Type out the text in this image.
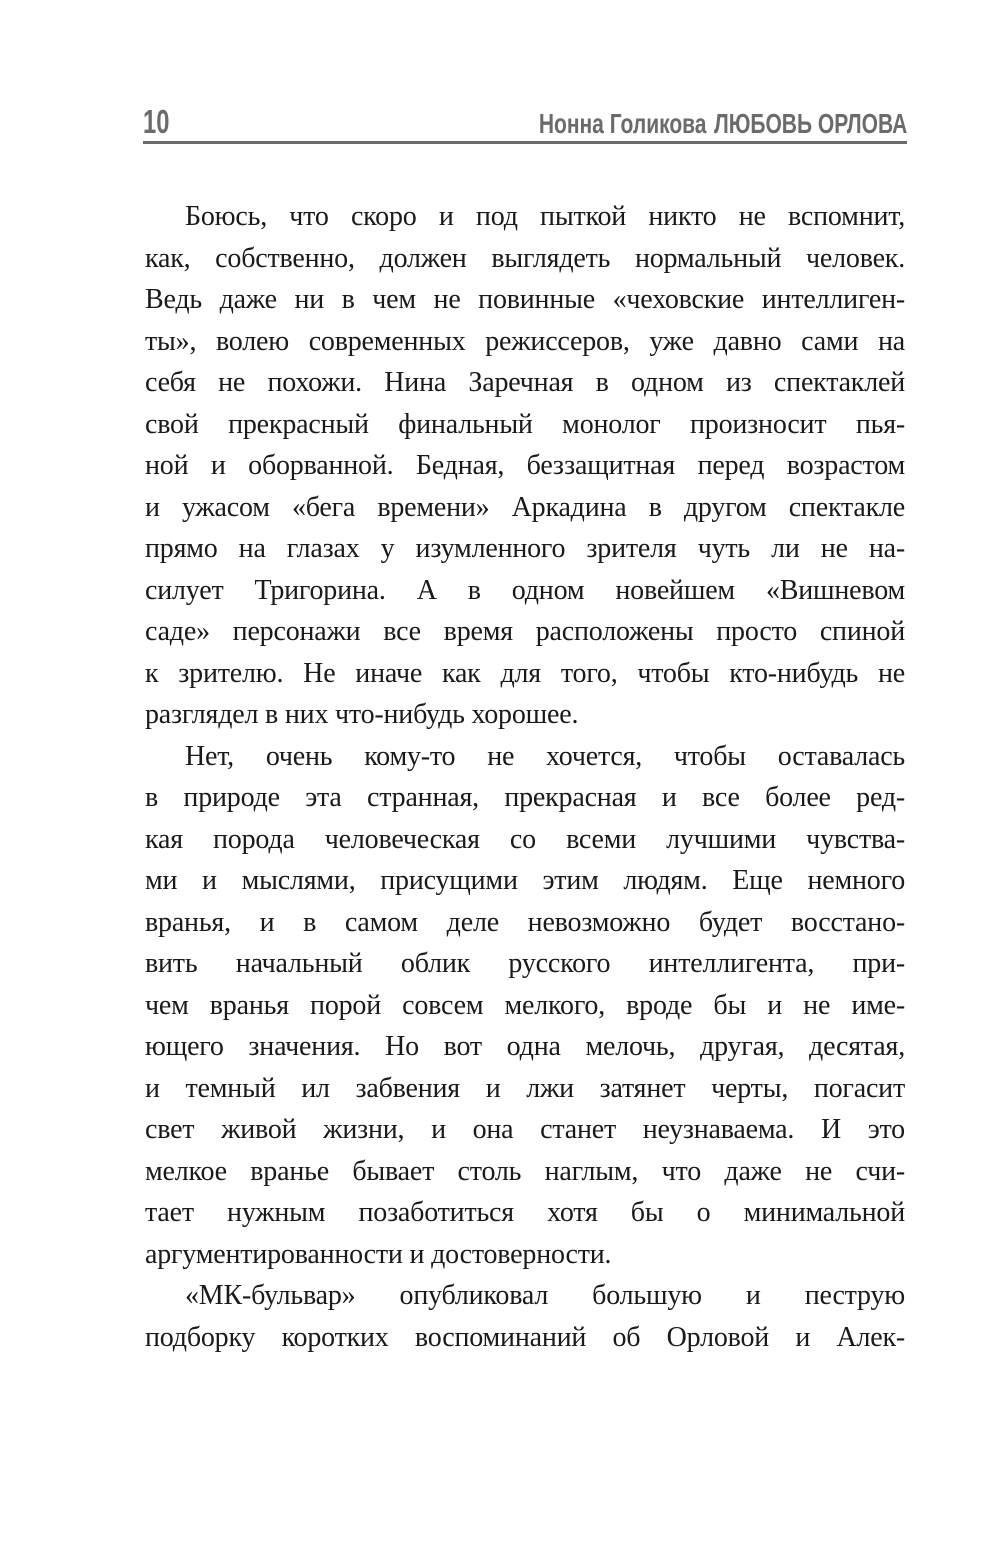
10	Нонна Голикова ЛЮБОВЬ ОРЛОВА
Боюсь, что скоро и под пыткой никто не вспомнит,
как, собственно, должен выглядеть нормальный человек.
Ведь даже ни в чем не повинные «чеховские интеллиген-
ты», волею современных режиссеров, уже давно сами на
себя не похожи. Нина Заречная в одном из спектаклей
свой прекрасный финальный монолог произносит пья-
ной и оборванной. Бедная, беззащитная перед возрастом
и ужасом «бега времени» Аркадина в другом спектакле
прямо на глазах у изумленного зрителя чуть ли не на-
силует Тригорина. А в одном новейшем «Вишневом
саде» персонажи все время расположены просто спиной
к зрителю. Не иначе как для того, чтобы кто-нибудь не
разглядел в них что-нибудь хорошее.
Нет, очень кому-то не хочется, чтобы оставалась
в природе эта странная, прекрасная и все более ред-
кая порода человеческая со всеми лучшими чувства-
ми и мыслями, присущими этим людям. Еще немного
вранья, и в самом деле невозможно будет восстано-
вить начальный облик русского интеллигента, при-
чем вранья порой совсем мелкого, вроде бы и не име-
ющего значения. Но вот одна мелочь, другая, десятая,
и темный ил забвения и лжи затянет черты, погасит
свет живой жизни, и она станет неузнаваема. И это
мелкое вранье бывает столь наглым, что даже не счи-
тает нужным позаботиться хотя бы о минимальной
аргументированности и достоверности.
«МК-бульвар» опубликовал большую и пеструю
подборку коротких воспоминаний об Орловой и Алек-
